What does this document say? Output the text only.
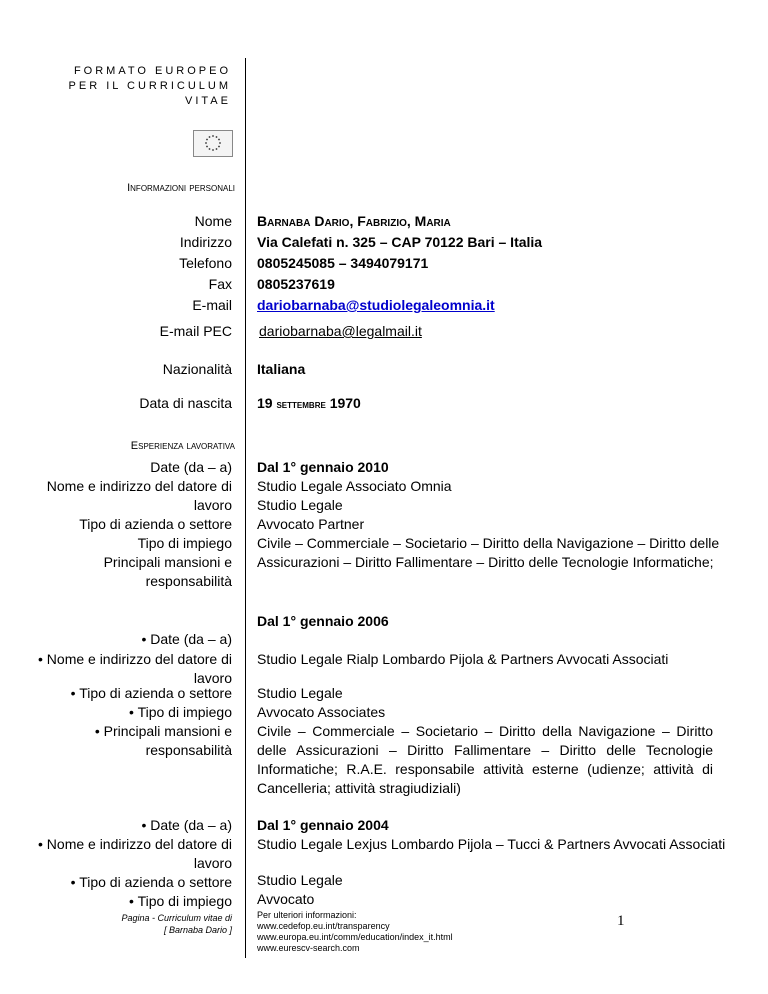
FORMATO EUROPEO
PER IL CURRICULUM
VITAE
Informazioni personali
Nome Barnaba Dario, Fabrizio, Maria
Indirizzo Via Calefati n. 325 – CAP 70122 Bari – Italia
Telefono 0805245085 – 3494079171
Fax 0805237619
E-mail dariobarnaba@studiolegaleomnia.it
E-mail PEC dariobarnaba@legalmail.it
Nazionalità Italiana
Data di nascita 19 settembre 1970
Esperienza lavorativa
Date (da – a)
Nome e indirizzo del datore di lavoro
Tipo di azienda o settore
Tipo di impiego
Principali mansioni e responsabilità
Dal 1° gennaio 2010
Studio Legale Associato Omnia
Studio Legale
Avvocato Partner
Civile – Commerciale – Societario – Diritto della Navigazione – Diritto delle Assicurazioni – Diritto Fallimentare – Diritto delle Tecnologie Informatiche;
Dal 1° gennaio 2006
• Date (da – a)
• Nome e indirizzo del datore di lavoro
Studio Legale Rialp Lombardo Pijola & Partners Avvocati Associati
• Tipo di azienda o settore
• Tipo di impiego
• Principali mansioni e responsabilità
Studio Legale
Avvocato Associates
Civile – Commerciale – Societario – Diritto della Navigazione – Diritto delle Assicurazioni – Diritto Fallimentare – Diritto delle Tecnologie Informatiche; R.A.E. responsabile attività esterne (udienze; attività di Cancelleria; attività stragiudiziali)
• Date (da – a)
• Nome e indirizzo del datore di lavoro
• Tipo di azienda o settore
• Tipo di impiego
Dal 1° gennaio 2004
Studio Legale Lexjus Lombardo Pijola – Tucci & Partners Avvocati Associati
Studio Legale
Avvocato
Pagina - Curriculum vitae di
[ Barnaba Dario ]
Per ulteriori informazioni:
www.cedefop.eu.int/transparency
www.europa.eu.int/comm/education/index_it.html
www.eurescv-search.com
1
